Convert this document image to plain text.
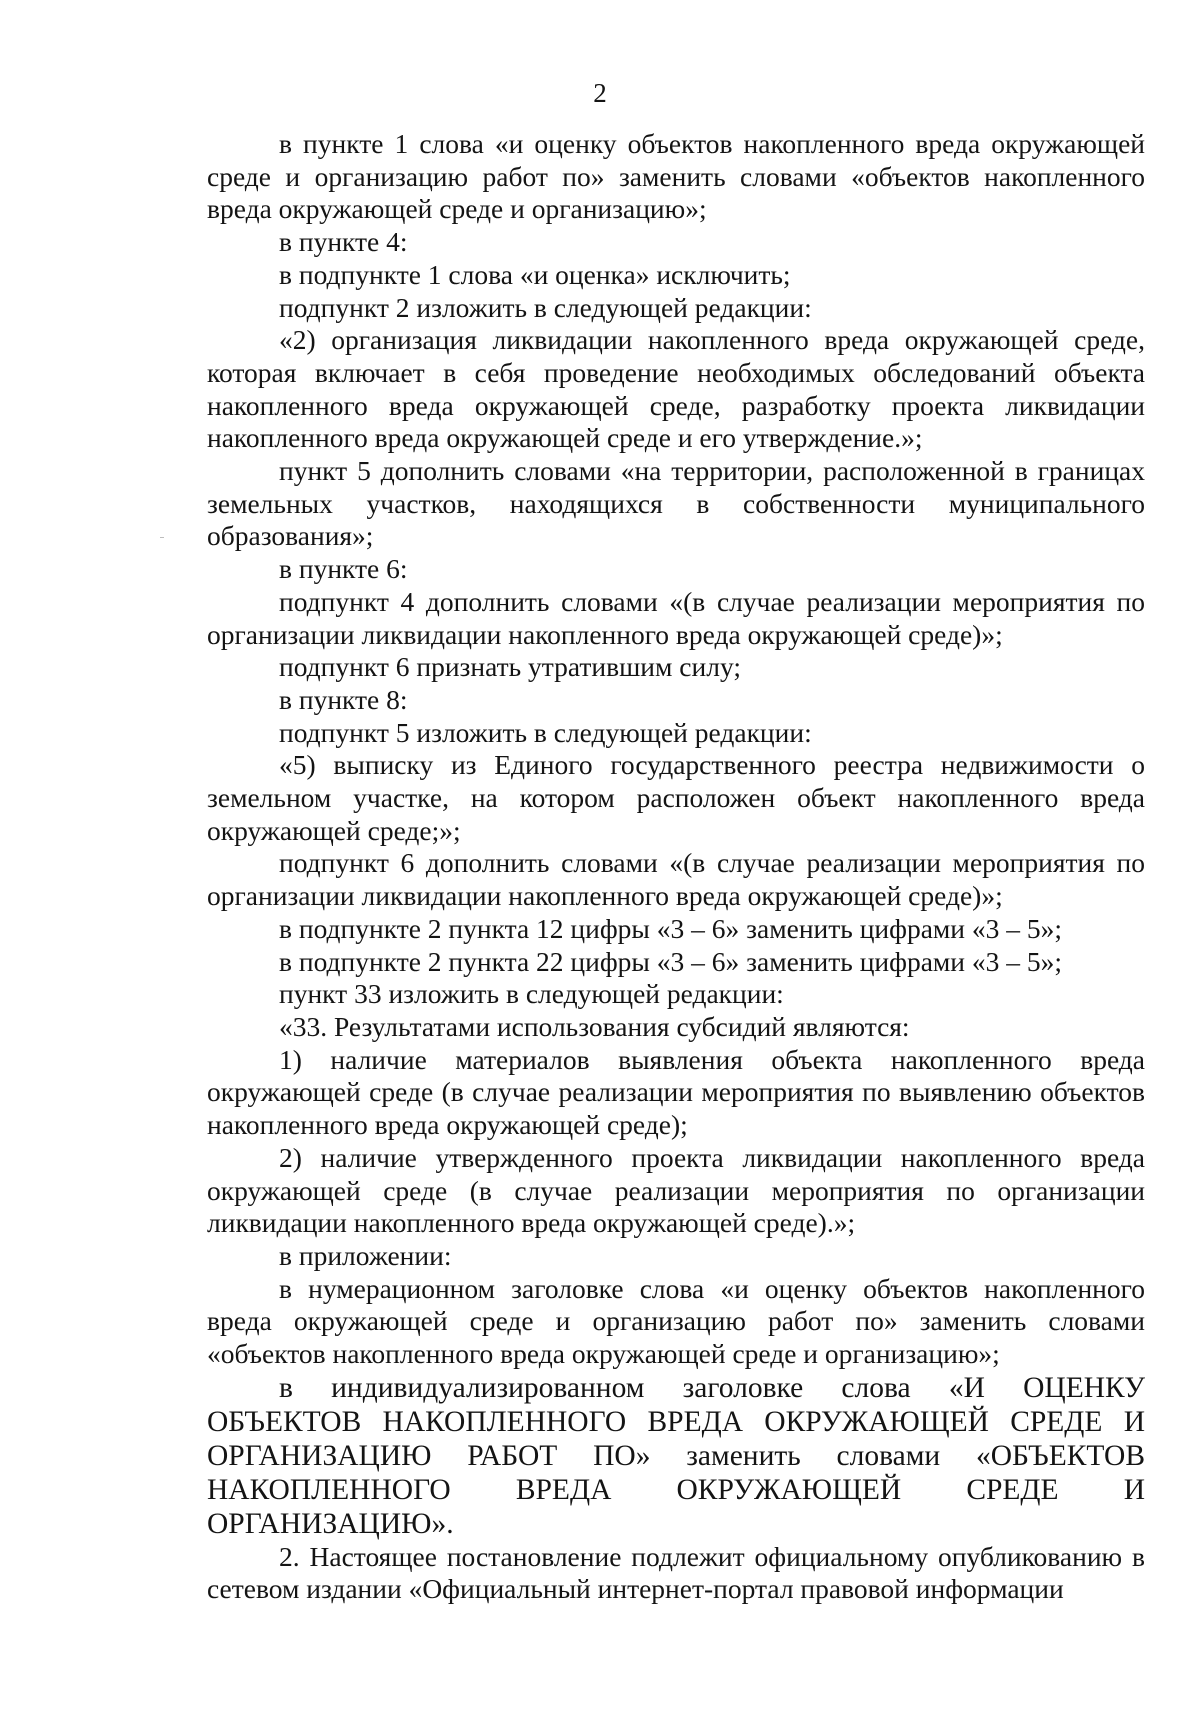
2

в пункте 1 слова «и оценку объектов накопленного вреда окружающей среде и организацию работ по» заменить словами «объектов накопленного вреда окружающей среде и организацию»;

в пункте 4:

в подпункте 1 слова «и оценка» исключить;

подпункт 2 изложить в следующей редакции:

«2) организация ликвидации накопленного вреда окружающей среде, которая включает в себя проведение необходимых обследований объекта накопленного вреда окружающей среде, разработку проекта ликвидации накопленного вреда окружающей среде и его утверждение.»;

пункт 5 дополнить словами «на территории, расположенной в границах земельных участков, находящихся в собственности муниципального образования»;

в пункте 6:

подпункт 4 дополнить словами «(в случае реализации мероприятия по организации ликвидации накопленного вреда окружающей среде)»;

подпункт 6 признать утратившим силу;

в пункте 8:

подпункт 5 изложить в следующей редакции:

«5) выписку из Единого государственного реестра недвижимости о земельном участке, на котором расположен объект накопленного вреда окружающей среде;»;

подпункт 6 дополнить словами «(в случае реализации мероприятия по организации ликвидации накопленного вреда окружающей среде)»;

в подпункте 2 пункта 12 цифры «3 – 6» заменить цифрами «3 – 5»;

в подпункте 2 пункта 22 цифры «3 – 6» заменить цифрами «3 – 5»;

пункт 33 изложить в следующей редакции:

«33. Результатами использования субсидий являются:

1) наличие материалов выявления объекта накопленного вреда окружающей среде (в случае реализации мероприятия по выявлению объектов накопленного вреда окружающей среде);

2) наличие утвержденного проекта ликвидации накопленного вреда окружающей среде (в случае реализации мероприятия по организации ликвидации накопленного вреда окружающей среде).»;

в приложении:

в нумерационном заголовке слова «и оценку объектов накопленного вреда окружающей среде и организацию работ по» заменить словами «объектов накопленного вреда окружающей среде и организацию»;

в индивидуализированном заголовке слова «И ОЦЕНКУ ОБЪЕКТОВ НАКОПЛЕННОГО ВРЕДА ОКРУЖАЮЩЕЙ СРЕДЕ И ОРГАНИЗАЦИЮ РАБОТ ПО» заменить словами «ОБЪЕКТОВ НАКОПЛЕННОГО ВРЕДА ОКРУЖАЮЩЕЙ СРЕДЕ И ОРГАНИЗАЦИЮ».

2. Настоящее постановление подлежит официальному опубликованию в сетевом издании «Официальный интернет-портал правовой информации
